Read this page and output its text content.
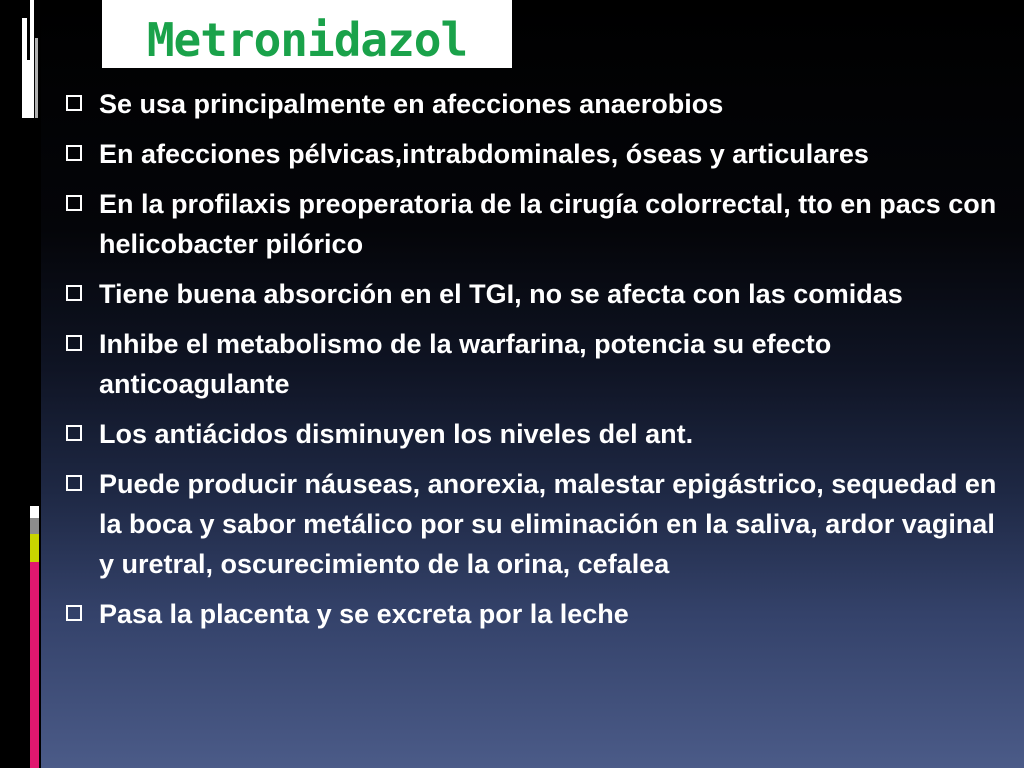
Metronidazol
Se usa principalmente en afecciones anaerobios
En afecciones pélvicas,intrabdominales, óseas y articulares
En la profilaxis preoperatoria de la cirugía colorrectal, tto en pacs con helicobacter pilórico
Tiene buena absorción en el TGI, no se afecta con las comidas
Inhibe el metabolismo de la warfarina, potencia su efecto anticoagulante
Los antiácidos disminuyen los niveles del ant.
Puede producir náuseas, anorexia, malestar epigástrico, sequedad en la boca y sabor metálico por su eliminación en la saliva, ardor vaginal y uretral, oscurecimiento de la orina, cefalea
Pasa la placenta y se excreta por la leche
